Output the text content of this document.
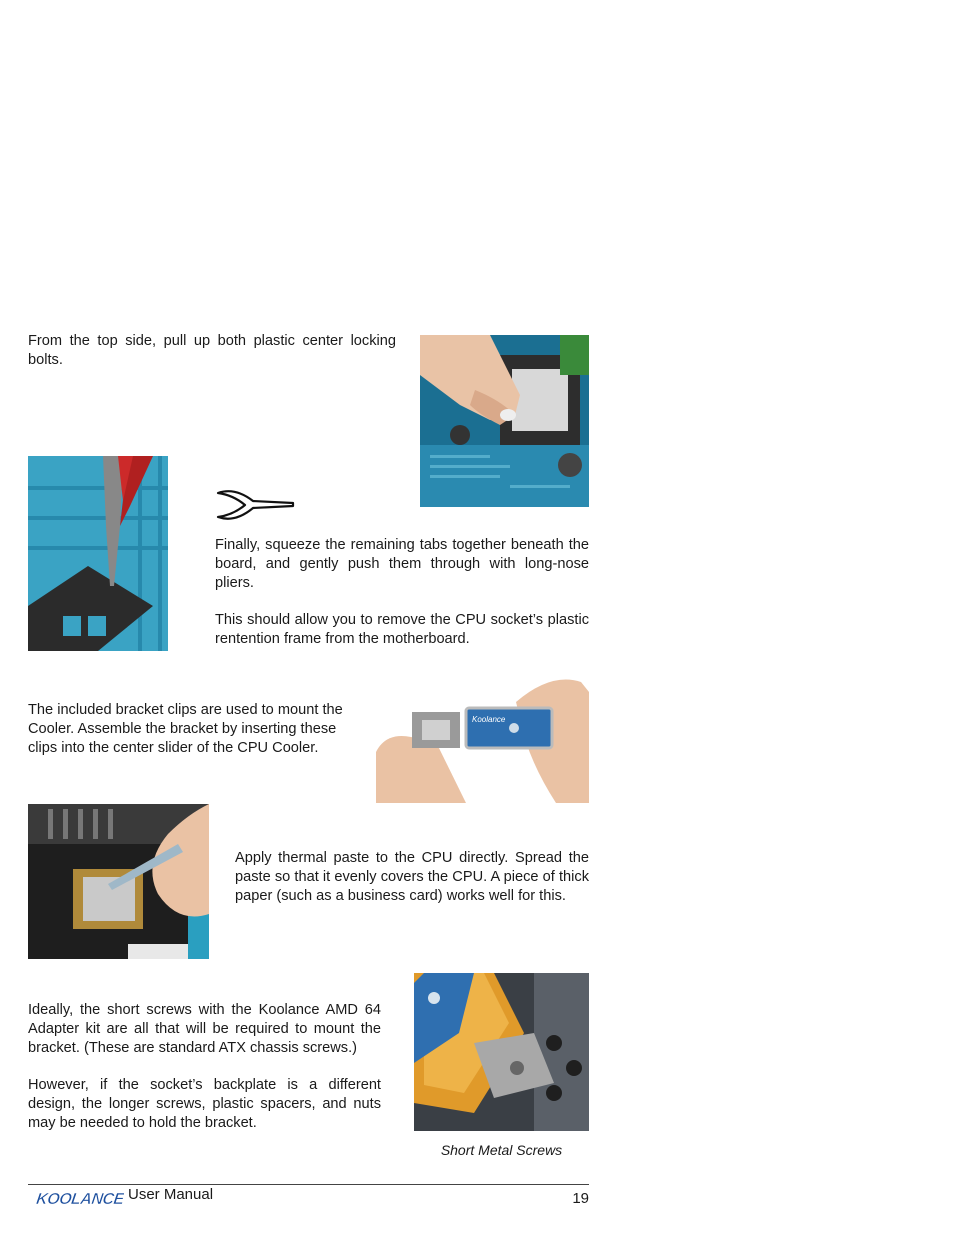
From the top side, pull up both plastic center locking bolts.
Finally, squeeze the remaining tabs together beneath the board, and gently push them through with long-nose pliers.
This should allow you to remove the CPU socket’s plastic rentention frame from the motherboard.
The included bracket clips are used to mount the Cooler. Assemble the bracket by inserting these clips into the center slider of the CPU Cooler.
Koolance
Apply thermal paste to the CPU directly. Spread the paste so that it evenly covers the CPU. A piece of thick paper (such as a business card) works well for this.
Ideally, the short screws with the Koolance AMD 64 Adapter kit are all that will be required to mount the bracket. (These are standard ATX chassis screws.)
However, if the socket’s backplate is a different design, the longer screws, plastic spacers, and nuts may be needed to hold the bracket.
Short Metal Screws
KOOLANCE User Manual	19
